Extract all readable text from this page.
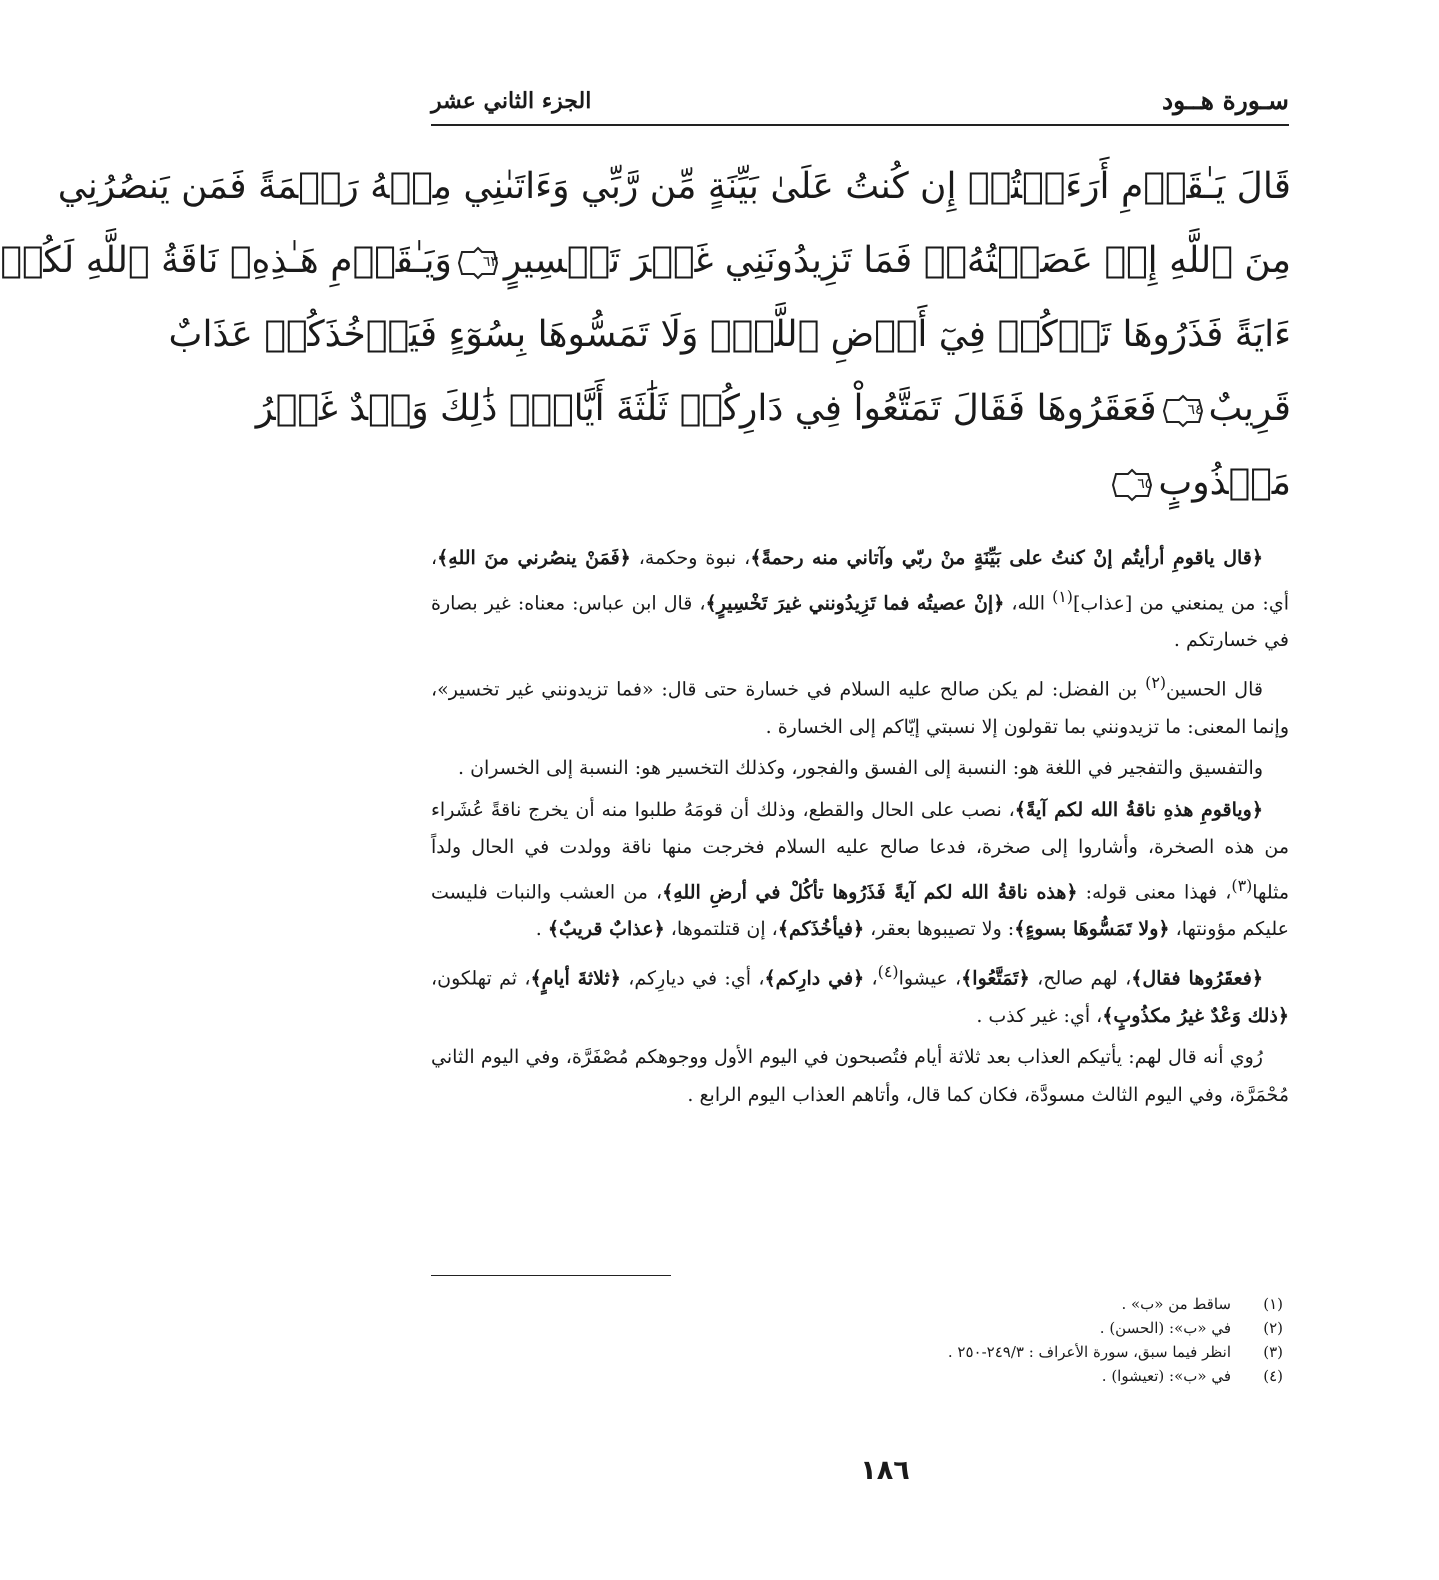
سـورة هــود
الجزء الثاني عشر
قَالَ يَـٰقَوۡمِ أَرَءَيۡتُمۡ إِن كُنتُ عَلَىٰ بَيِّنَةٍ مِّن رَّبِّي وَءَاتَىٰنِي مِنۡهُ رَحۡمَةً فَمَن يَنصُرُنِي
مِنَ ٱللَّهِ إِنۡ عَصَيۡتُهُۥۖ فَمَا تَزِيدُونَنِي غَيۡرَ تَخۡسِيرٍ
٦٣
وَيَـٰقَوۡمِ هَـٰذِهِۦ نَاقَةُ ٱللَّهِ لَكُمۡ
ءَايَةً فَذَرُوهَا تَأۡكُلۡ فِيٓ أَرۡضِ ٱللَّهِۖ وَلَا تَمَسُّوهَا بِسُوٓءٍ فَيَأۡخُذَكُمۡ عَذَابٌ
قَرِيبٌ
٦٤
فَعَقَرُوهَا فَقَالَ تَمَتَّعُواْ فِي دَارِكُمۡ ثَلَٰثَةَ أَيَّامٍۖ ذَٰلِكَ وَعۡدٌ غَيۡرُ
مَكۡذُوبٍ
٦٥

﴿قال ياقومِ أرأيتُم إنْ كنتُ على بَيِّنَةٍ منْ ربّي وآتاني منه رحمةً﴾، نبوة وحكمة، ﴿فَمَنْ ينصُرني منَ اللهِ﴾، أي: من يمنعني من [عذاب]$^{(١)}$ الله، ﴿إنْ عصيتُه فما تَزِيدُونني غيرَ تَخْسِيرٍ﴾، قال ابن عباس: معناه: غير بصارة في خسارتكم .

قال الحسين$^{(٢)}$ بن الفضل: لم يكن صالح عليه السلام في خسارة حتى قال: «فما تزيدونني غير تخسير»، وإنما المعنى: ما تزيدونني بما تقولون إلا نسبتي إيّاكم إلى الخسارة .

والتفسيق والتفجير في اللغة هو: النسبة إلى الفسق والفجور، وكذلك التخسير هو: النسبة إلى الخسران .

﴿وياقومِ هذهِ ناقةُ الله لكم آيةً﴾، نصب على الحال والقطع، وذلك أن قومَهُ طلبوا منه أن يخرج ناقةً عُشَراء من هذه الصخرة، وأشاروا إلى صخرة، فدعا صالح عليه السلام فخرجت منها ناقة وولدت في الحال ولداً مثلها$^{(٣)}$، فهذا معنى قوله: ﴿هذه ناقةُ الله لكم آيةً فَذَرُوها تأكُلْ في أرضِ اللهِ﴾، من العشب والنبات فليست عليكم مؤونتها، ﴿ولا تَمَسُّوهَا بسوءٍ﴾: ولا تصيبوها بعقر، ﴿فيأخُذَكم﴾، إن قتلتموها، ﴿عذابٌ قريبٌ﴾ .

﴿فعقَرُوها فقال﴾، لهم صالح، ﴿تَمَتَّعُوا﴾، عيشوا$^{(٤)}$، ﴿في دارِكم﴾، أي: في ديارِكم، ﴿ثلاثةَ أيامٍ﴾، ثم تهلكون، ﴿ذلك وَعْدٌ غيرُ مكذُوبٍ﴾، أي: غير كذب .

رُوي أنه قال لهم: يأتيكم العذاب بعد ثلاثة أيام فتُصبحون في اليوم الأول ووجوهكم مُصْفَرَّة، وفي اليوم الثاني مُحْمَرَّة، وفي اليوم الثالث مسودَّة، فكان كما قال، وأتاهم العذاب اليوم الرابع .

(١)ساقط من «ب» .
(٢)في «ب»: (الحسن) .
(٣)انظر فيما سبق، سورة الأعراف : ٢٤٩/٣-٢٥٠ .
(٤)في «ب»: (تعيشوا) .
١٨٦
